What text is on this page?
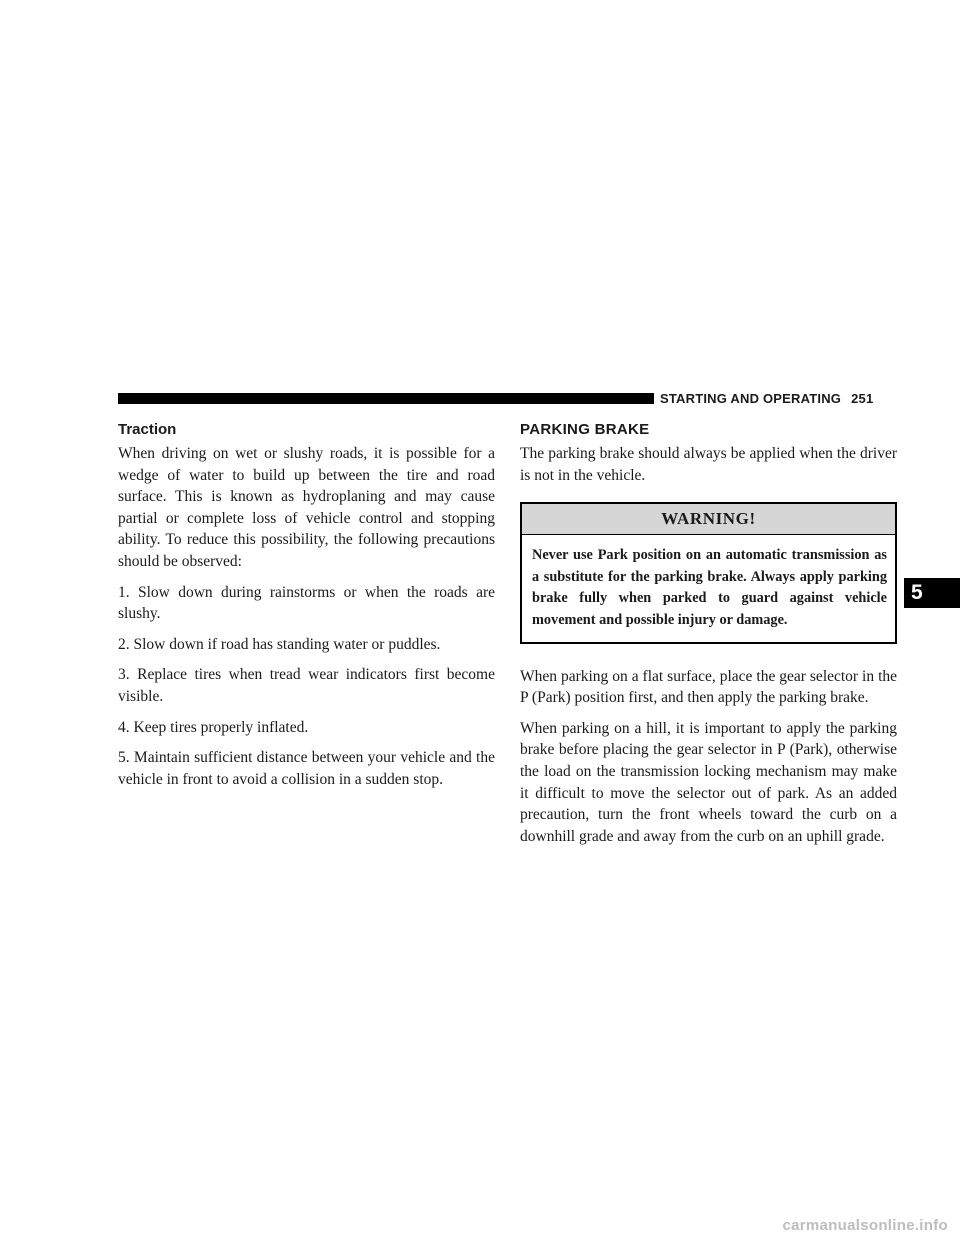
STARTING AND OPERATING 251
Traction

When driving on wet or slushy roads, it is possible for a wedge of water to build up between the tire and road surface. This is known as hydroplaning and may cause partial or complete loss of vehicle control and stopping ability. To reduce this possibility, the following precautions should be observed:

1. Slow down during rainstorms or when the roads are slushy.

2. Slow down if road has standing water or puddles.

3. Replace tires when tread wear indicators first become visible.

4. Keep tires properly inflated.

5. Maintain sufficient distance between your vehicle and the vehicle in front to avoid a collision in a sudden stop.

PARKING BRAKE

The parking brake should always be applied when the driver is not in the vehicle.

WARNING!
Never use Park position on an automatic transmission as a substitute for the parking brake. Always apply parking brake fully when parked to guard against vehicle movement and possible injury or damage.

When parking on a flat surface, place the gear selector in the P (Park) position first, and then apply the parking brake.

When parking on a hill, it is important to apply the parking brake before placing the gear selector in P (Park), otherwise the load on the transmission locking mechanism may make it difficult to move the selector out of park. As an added precaution, turn the front wheels toward the curb on a downhill grade and away from the curb on an uphill grade.

5
carmanualsonline.info
